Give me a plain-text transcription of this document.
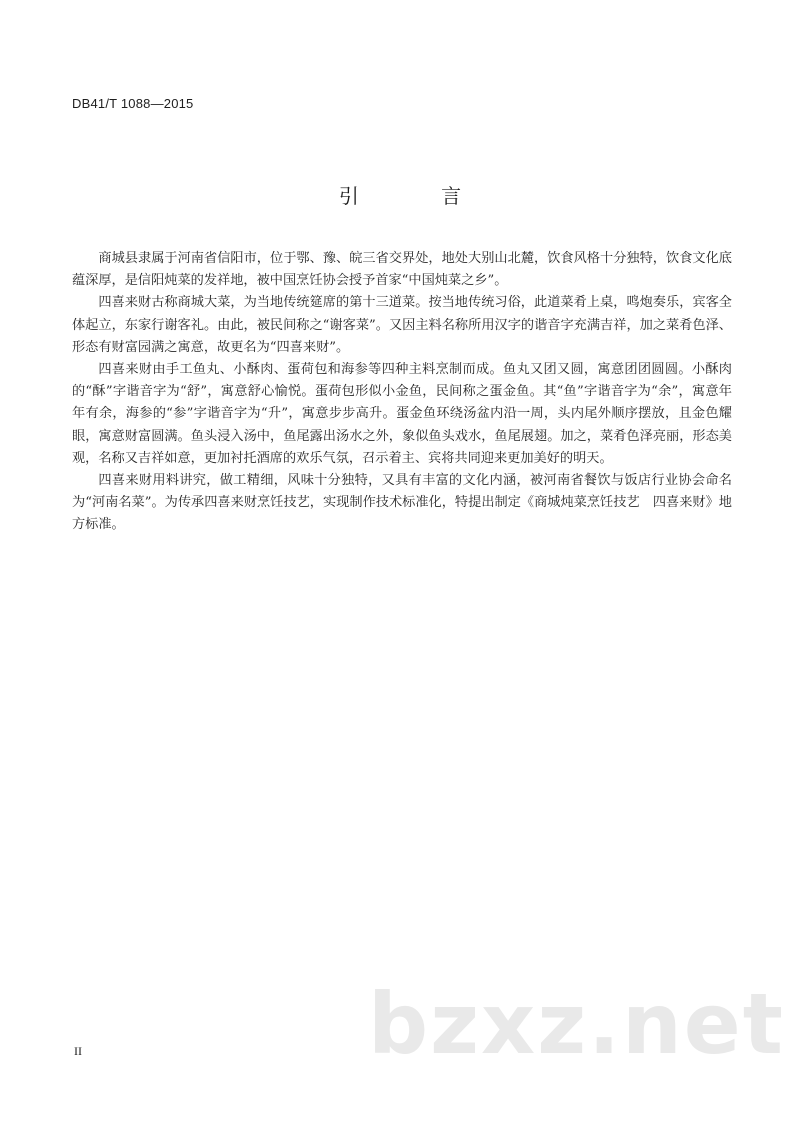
DB41/T 1088—2015
引 言

商城县隶属于河南省信阳市，位于鄂、豫、皖三省交界处，地处大别山北麓，饮食风格十分独特，饮食文化底蕴深厚，是信阳炖菜的发祥地，被中国烹饪协会授予首家“中国炖菜之乡”。

四喜来财古称商城大菜，为当地传统筵席的第十三道菜。按当地传统习俗，此道菜肴上桌，鸣炮奏乐，宾客全体起立，东家行谢客礼。由此，被民间称之“谢客菜”。又因主料名称所用汉字的谐音字充满吉祥，加之菜肴色泽、形态有财富园满之寓意，故更名为“四喜来财”。

四喜来财由手工鱼丸、小酥肉、蛋荷包和海参等四种主料烹制而成。鱼丸又团又圆，寓意团团圆圆。小酥肉的“酥”字谐音字为“舒”，寓意舒心愉悦。蛋荷包形似小金鱼，民间称之蛋金鱼。其“鱼”字谐音字为“余”，寓意年年有余，海参的“参”字谐音字为“升”，寓意步步高升。蛋金鱼环绕汤盆内沿一周，头内尾外顺序摆放，且金色耀眼，寓意财富圆满。鱼头浸入汤中，鱼尾露出汤水之外，象似鱼头戏水，鱼尾展翅。加之，菜肴色泽亮丽，形态美观，名称又吉祥如意，更加衬托酒席的欢乐气氛，召示着主、宾将共同迎来更加美好的明天。

四喜来财用料讲究，做工精细，风味十分独特，又具有丰富的文化内涵，被河南省餐饮与饭店行业协会命名为“河南名菜”。为传承四喜来财烹饪技艺，实现制作技术标准化，特提出制定《商城炖菜烹饪技艺　四喜来财》地方标准。

bzxz.net
II
